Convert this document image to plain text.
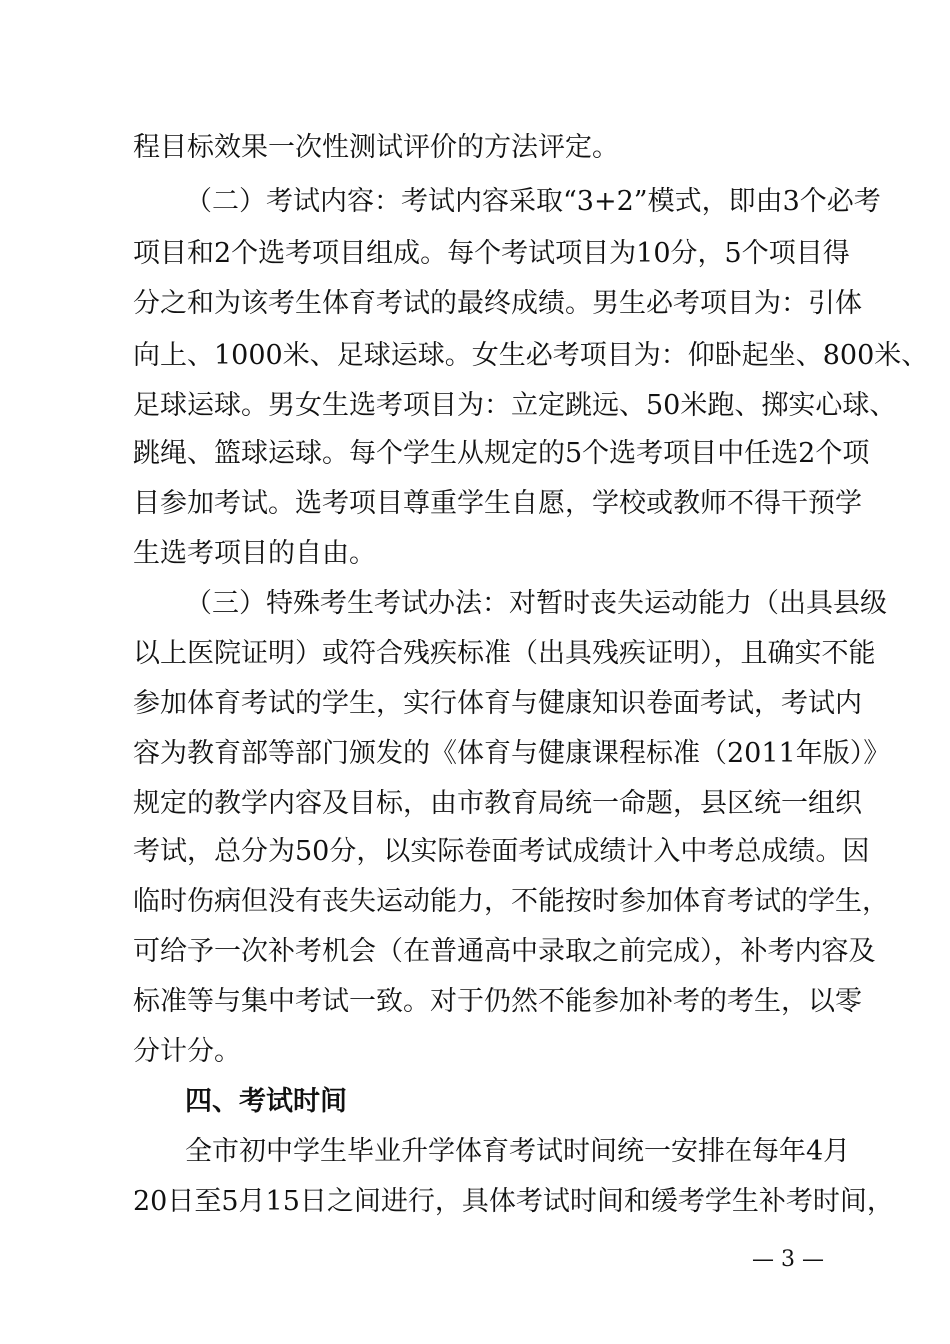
程目标效果一次性测试评价的方法评定。
（二）考试内容：考试内容采取“3+2”模式，即由3个必考
项目和2个选考项目组成。每个考试项目为10分，5个项目得
分之和为该考生体育考试的最终成绩。男生必考项目为：引体
向上、1000米、足球运球。女生必考项目为：仰卧起坐、800米、
足球运球。男女生选考项目为：立定跳远、50米跑、掷实心球、
跳绳、篮球运球。每个学生从规定的5个选考项目中任选2个项
目参加考试。选考项目尊重学生自愿，学校或教师不得干预学
生选考项目的自由。
（三）特殊考生考试办法：对暂时丧失运动能力（出具县级
以上医院证明）或符合残疾标准（出具残疾证明），且确实不能
参加体育考试的学生，实行体育与健康知识卷面考试，考试内
容为教育部等部门颁发的《体育与健康课程标准（2011年版）》
规定的教学内容及目标，由市教育局统一命题，县区统一组织
考试，总分为50分，以实际卷面考试成绩计入中考总成绩。因
临时伤病但没有丧失运动能力，不能按时参加体育考试的学生，
可给予一次补考机会（在普通高中录取之前完成），补考内容及
标准等与集中考试一致。对于仍然不能参加补考的考生，以零
分计分。
四、考试时间
全市初中学生毕业升学体育考试时间统一安排在每年4月
20日至5月15日之间进行，具体考试时间和缓考学生补考时间，
— 3 —
